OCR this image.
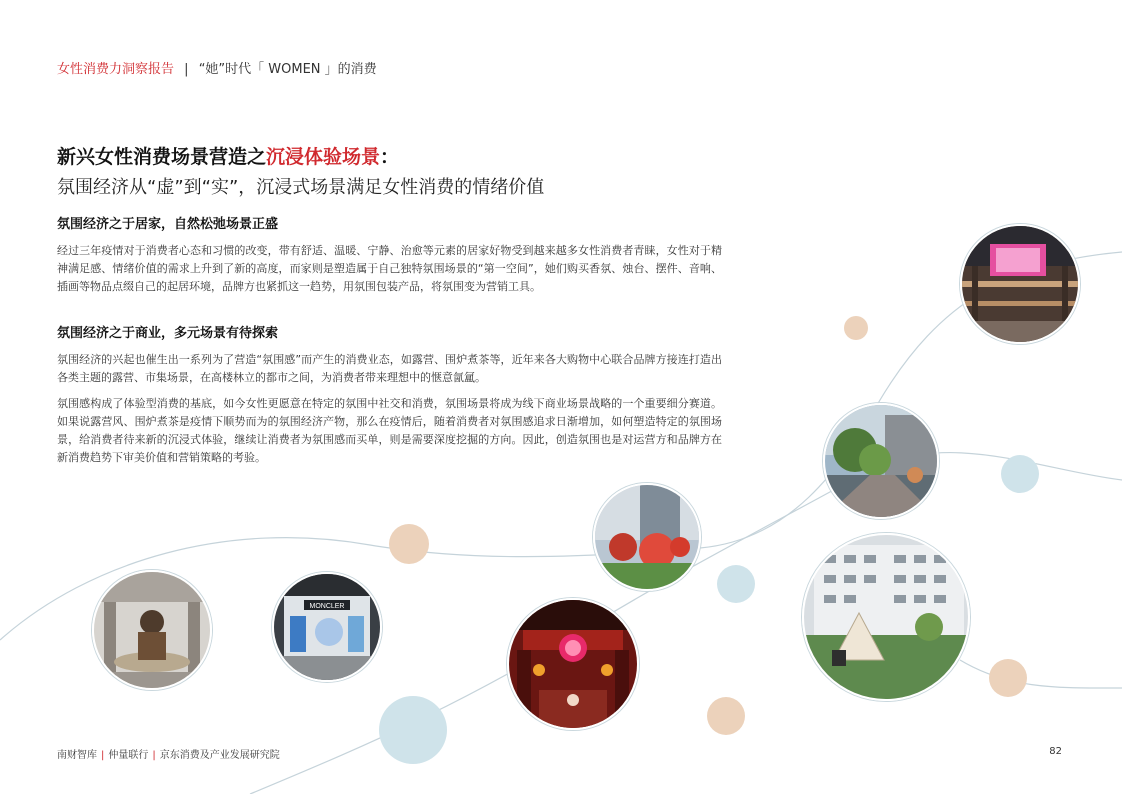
女性消费力洞察报告 | “她”时代「 WOMEN 」的消费
新兴女性消费场景营造之沉浸体验场景：
氛围经济从“虚”到“实”，沉浸式场景满足女性消费的情绪价值
氛围经济之于居家，自然松弛场景正盛

经过三年疫情对于消费者心态和习惯的改变，带有舒适、温暖、宁静、治愈等元素的居家好物受到越来越多女性消费者青睐，女性对于精神满足感、情绪价值的需求上升到了新的高度，而家则是塑造属于自己独特氛围场景的“第一空间”，她们购买香氛、烛台、摆件、音响、插画等物品点缀自己的起居环境，品牌方也紧抓这一趋势，用氛围包装产品，将氛围变为营销工具。

氛围经济之于商业，多元场景有待探索

氛围经济的兴起也催生出一系列为了营造“氛围感”而产生的消费业态，如露营、围炉煮茶等，近年来各大购物中心联合品牌方接连打造出各类主题的露营、市集场景，在高楼林立的都市之间，为消费者带来理想中的惬意氤氲。

氛围感构成了体验型消费的基底，如今女性更愿意在特定的氛围中社交和消费，氛围场景将成为线下商业场景战略的一个重要细分赛道。如果说露营风、围炉煮茶是疫情下顺势而为的氛围经济产物，那么在疫情后，随着消费者对氛围感追求日渐增加，如何塑造特定的氛围场景，给消费者待来新的沉浸式体验，继续让消费者为氛围感而买单，则是需要深度挖掘的方向。因此，创造氛围也是对运营方和品牌方在新消费趋势下审美价值和营销策略的考验。

MONCLER
南财智库 | 仲量联行 | 京东消费及产业发展研究院	82
